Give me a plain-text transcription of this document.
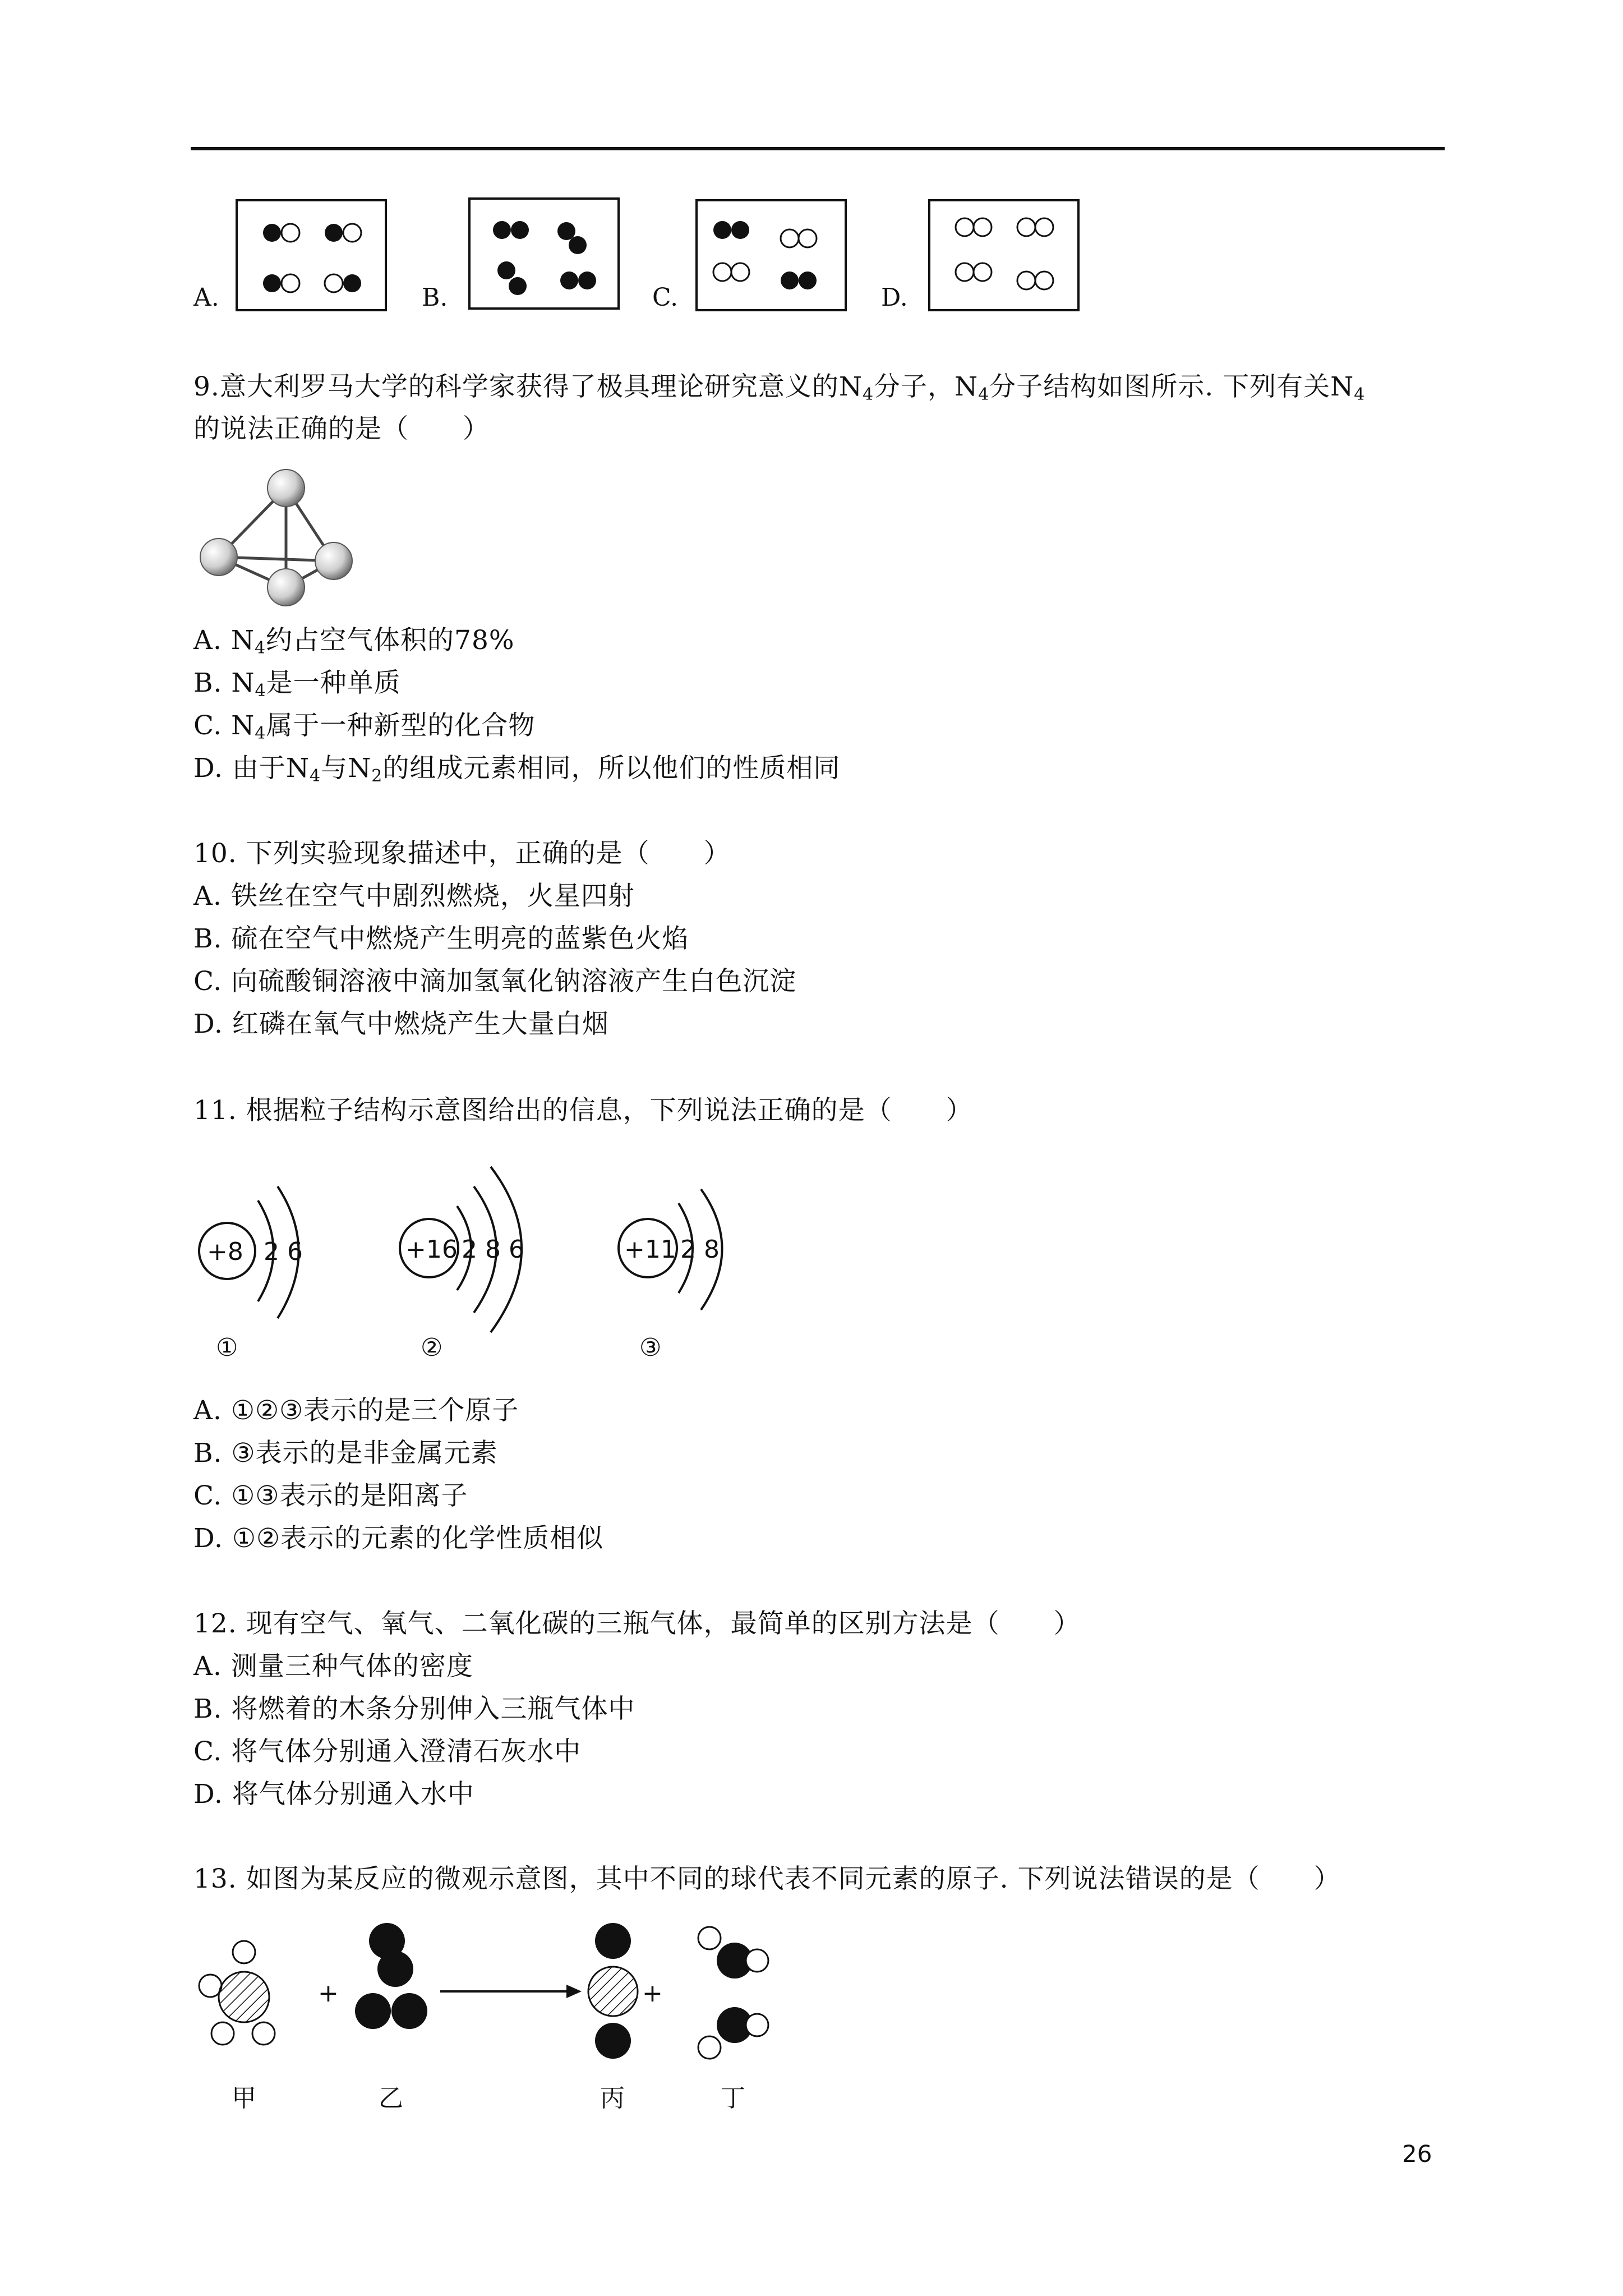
A.	B.	C.	D.
9.意大利罗马大学的科学家获得了极具理论研究意义的$N_4$分子，$N_4$分子结构如图所示. 下列有关$N_4$
的说法正确的是（　　）
A. $N_4$约占空气体积的78%
B. $N_4$是一种单质
C. $N_4$属于一种新型的化合物
D. 由于$N_4$与$N_2$的组成元素相同，所以他们的性质相同
10. 下列实验现象描述中，正确的是（　　）
A. 铁丝在空气中剧烈燃烧，火星四射
B. 硫在空气中燃烧产生明亮的蓝紫色火焰
C. 向硫酸铜溶液中滴加氢氧化钠溶液产生白色沉淀
D. 红磷在氧气中燃烧产生大量白烟
11. 根据粒子结构示意图给出的信息，下列说法正确的是（　　）
+8 2 6
①
+16 2 8 6
②
+11 2 8
③
A. ①②③表示的是三个原子
B. ③表示的是非金属元素
C. ①③表示的是阳离子
D. ①②表示的元素的化学性质相似
12. 现有空气、氧气、二氧化碳的三瓶气体，最简单的区别方法是（　　）
A. 测量三种气体的密度
B. 将燃着的木条分别伸入三瓶气体中
C. 将气体分别通入澄清石灰水中
D. 将气体分别通入水中
13. 如图为某反应的微观示意图，其中不同的球代表不同元素的原子. 下列说法错误的是（　　）
+	+
甲	乙	丙	丁
26
